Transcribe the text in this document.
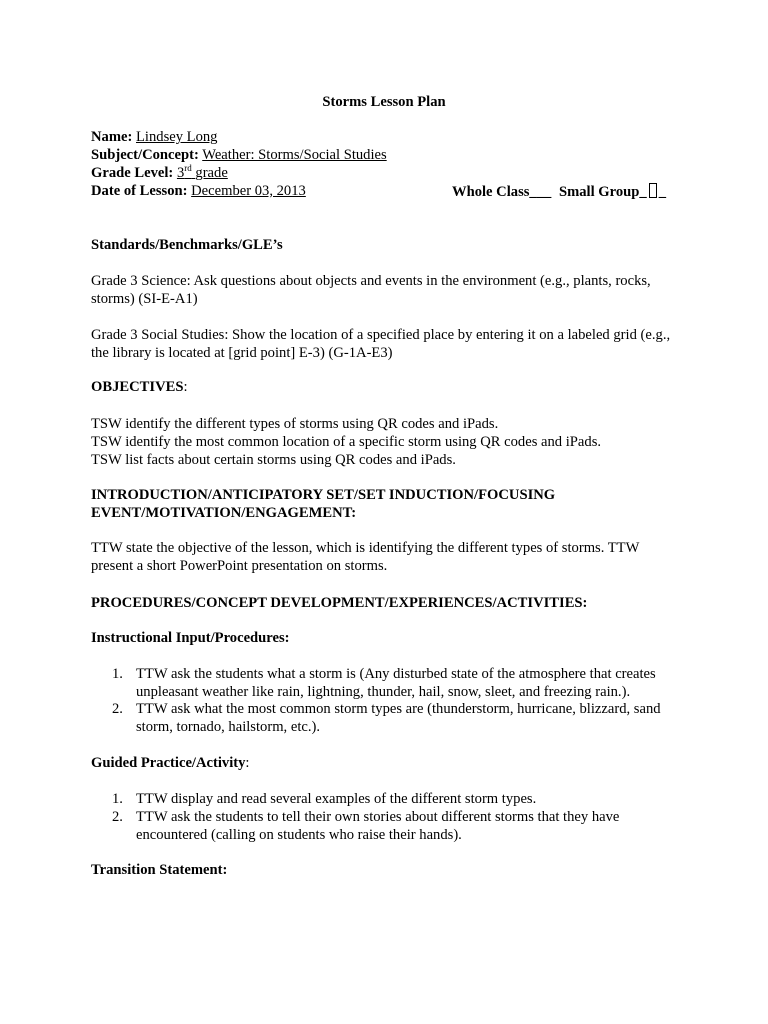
Storms Lesson Plan
Name: Lindsey Long
Subject/Concept: Weather: Storms/Social Studies
Grade Level: 3rd grade
Date of Lesson: December 03, 2013	Whole Class___ Small Group_ _
Standards/Benchmarks/GLE’s
Grade 3 Science: Ask questions about objects and events in the environment (e.g., plants, rocks, storms) (SI-E-A1)
Grade 3 Social Studies: Show the location of a specified place by entering it on a labeled grid (e.g., the library is located at [grid point] E-3) (G-1A-E3)
OBJECTIVES:
TSW identify the different types of storms using QR codes and iPads.
TSW identify the most common location of a specific storm using QR codes and iPads.
TSW list facts about certain storms using QR codes and iPads.
INTRODUCTION/ANTICIPATORY SET/SET INDUCTION/FOCUSING
EVENT/MOTIVATION/ENGAGEMENT:
TTW state the objective of the lesson, which is identifying the different types of storms. TTW present a short PowerPoint presentation on storms.
PROCEDURES/CONCEPT DEVELOPMENT/EXPERIENCES/ACTIVITIES:
Instructional Input/Procedures:
1. TTW ask the students what a storm is (Any disturbed state of the atmosphere that creates unpleasant weather like rain, lightning, thunder, hail, snow, sleet, and freezing rain.).
2. TTW ask what the most common storm types are (thunderstorm, hurricane, blizzard, sand storm, tornado, hailstorm, etc.).
Guided Practice/Activity:
1. TTW display and read several examples of the different storm types.
2. TTW ask the students to tell their own stories about different storms that they have encountered (calling on students who raise their hands).
Transition Statement:
